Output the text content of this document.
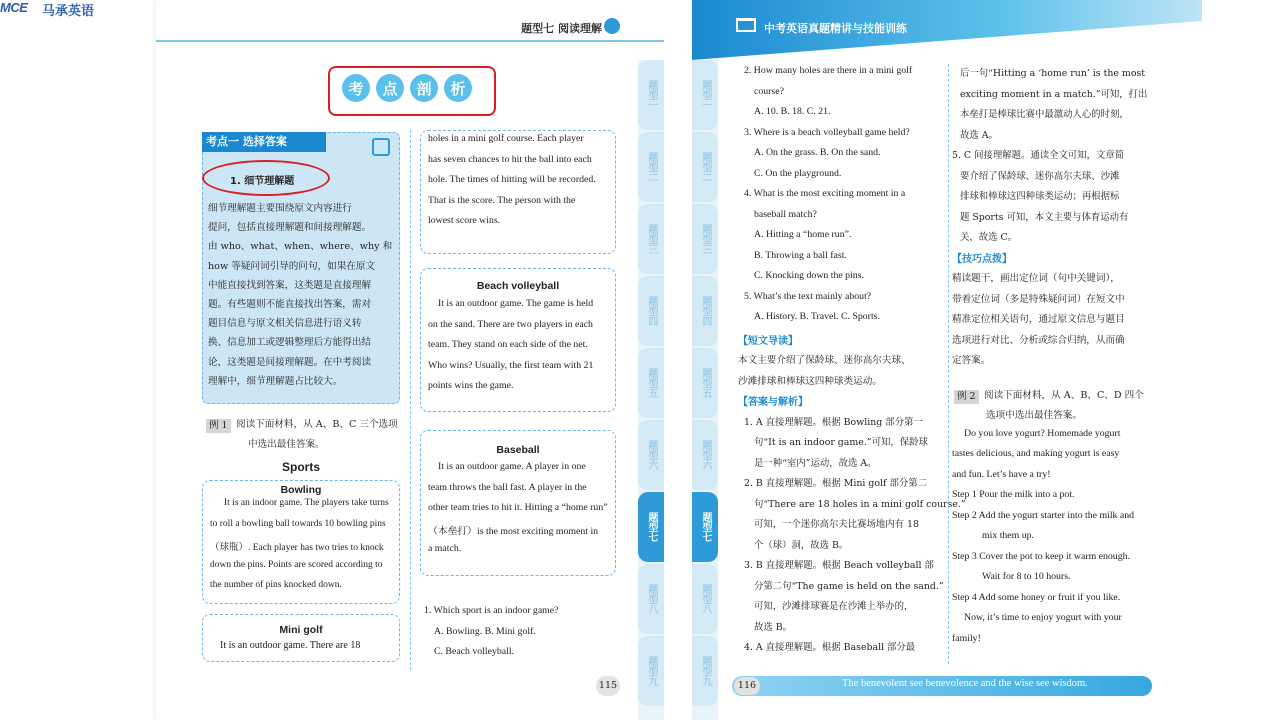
MCE 马承英语
题型七 阅读理解
题型一
题型二
题型三
题型四
题型五
题型六
题型七
题型八
题型九
考	点	剖	析
考点一 选择答案
1. 细节理解题
细节理解题主要围绕原文内容进行
提问，包括直接理解题和间接理解题。
由 who、what、when、where、why 和
how 等疑问词引导的问句，如果在原文
中能直接找到答案，这类题是直接理解
题。有些题则不能直接找出答案，需对
题目信息与原文相关信息进行语义转
换、信息加工或逻辑整理后方能得出结
论，这类题是间接理解题。在中考阅读
理解中，细节理解题占比较大。
例 1 阅读下面材料，从 A、B、C 三个选项
中选出最佳答案。
Sports
Bowling
It is an indoor game. The players take turns
to roll a bowling ball towards 10 bowling pins
（球瓶）. Each player has two tries to knock
down the pins. Points are scored according to
the number of pins knocked down.
Mini golf
It is an outdoor game. There are 18
holes in a mini golf course. Each player
has seven chances to hit the ball into each
hole. The times of hitting will be recorded.
That is the score. The person with the
lowest score wins.
Beach volleyball
It is an outdoor game. The game is held
on the sand. There are two players in each
team. They stand on each side of the net.
Who wins? Usually, the first team with 21
points wins the game.
Baseball
It is an outdoor game. A player in one
team throws the ball fast. A player in the
other team tries to hit it. Hitting a “home run”
（本垒打）is the most exciting moment in
a match.
1. Which sport is an indoor game?
A. Bowling. B. Mini golf.
C. Beach volleyball.
115
中考英语真题精讲与技能训练
题型一
题型二
题型三
题型四
题型五
题型六
题型七
题型八
题型九
2. How many holes are there in a mini golf
course?
A. 10. B. 18. C. 21.
3. Where is a beach volleyball game held?
A. On the grass. B. On the sand.
C. On the playground.
4. What is the most exciting moment in a
baseball match?
A. Hitting a “home run”.
B. Throwing a ball fast.
C. Knocking down the pins.
5. What’s the text mainly about?
A. History. B. Travel. C. Sports.
【短文导读】
本文主要介绍了保龄球、迷你高尔夫球、
沙滩排球和棒球这四种球类运动。
【答案与解析】
1. A 直接理解题。根据 Bowling 部分第一
句“It is an indoor game.”可知，保龄球
是一种“室内”运动，故选 A。
2. B 直接理解题。根据 Mini golf 部分第二
句“There are 18 holes in a mini golf course.”
可知，一个迷你高尔夫比赛场地内有 18
个（球）洞，故选 B。
3. B 直接理解题。根据 Beach volleyball 部
分第二句“The game is held on the sand.”
可知，沙滩排球赛是在沙滩上举办的，
故选 B。
4. A 直接理解题。根据 Baseball 部分最
后一句“Hitting a ‘home run’ is the most
exciting moment in a match.”可知，打出
本垒打是棒球比赛中最激动人心的时刻，
故选 A。
5. C 间接理解题。通读全文可知，文章简
要介绍了保龄球、迷你高尔夫球、沙滩
排球和棒球这四种球类运动；再根据标
题 Sports 可知，本文主要与体育运动有
关，故选 C。
【技巧点拨】
精读题干，画出定位词（句中关键词），
带着定位词（多是特殊疑问词）在短文中
精准定位相关语句，通过原文信息与题目
选项进行对比、分析或综合归纳，从而确
定答案。
例 2 阅读下面材料，从 A、B、C、D 四个
选项中选出最佳答案。
Do you love yogurt? Homemade yogurt
tastes delicious, and making yogurt is easy
and fun. Let’s have a try!
Step 1 Pour the milk into a pot.
Step 2 Add the yogurt starter into the milk and
mix them up.
Step 3 Cover the pot to keep it warm enough.
Wait for 8 to 10 hours.
Step 4 Add some honey or fruit if you like.
Now, it’s time to enjoy yogurt with your
family!
116	The benevolent see benevolence and the wise see wisdom.
